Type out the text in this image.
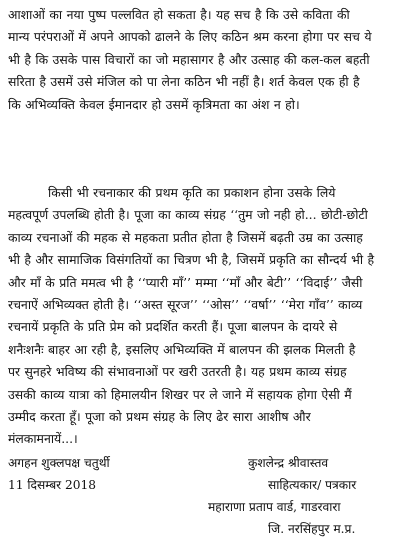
आशाओं का नया पुष्प पल्लवित हो सकता है। यह सच है कि उसे कविता की
मान्य परंपराओं में अपने आपको ढालने के लिए कठिन श्रम करना होगा पर सच ये
भी है कि उसके पास विचारों का जो महासागर है और उत्साह की कल-कल बहती
सरिता है उसमें उसे मंजिल को पा लेना कठिन भी नहीं है। शर्त केवल एक ही है
कि अभिव्यक्ति केवल ईमानदार हो उसमें कृत्रिमता का अंश न हो।
किसी भी रचनाकार की प्रथम कृति का प्रकाशन होना उसके लिये
महत्वपूर्ण उपलब्धि होती है। पूजा का काव्य संग्रह ‘‘तुम जो नही हो... छोटी-छोटी
काव्य रचनाओं की महक से महकता प्रतीत होता है जिसमें बढ़ती उम्र का उत्साह
भी है और सामाजिक विसंगतियों का चित्रण भी है, जिसमें प्रकृति का सौन्दर्य भी है
और माँ के प्रति ममत्व भी है ‘‘प्यारी माँ’’ मम्मा ‘‘माँ और बेटी’’ ‘‘विदाई’’ जैसी
रचनाऐं अभिव्यक्त होती है। ‘‘अस्त सूरज’’ ‘‘ओस’’ ‘‘वर्षा’’ ‘‘मेरा गाँव’’ काव्य
रचनायें प्रकृति के प्रति प्रेम को प्रदर्शित करती हैं। पूजा बालपन के दायरे से
शनैःशनैः बाहर आ रही है, इसलिए अभिव्यक्ति में बालपन की झलक मिलती है
पर सुनहरे भविष्य की संभावनाओं पर खरी उतरती है। यह प्रथम काव्य संग्रह
उसकी काव्य यात्रा को हिमालयीन शिखर पर ले जाने में सहायक होगा ऐसी मैं
उम्मीद करता हूँ। पूजा को प्रथम संग्रह के लिए ढेर सारा आशीष और
मंलकामनायें...।
अगहन शुक्लपक्ष चतुर्थी
11 दिसम्बर 2018
कुशलेन्द्र श्रीवास्तव
साहित्यकार/ पत्रकार
महाराणा प्रताप वार्ड, गाडरवारा
जि. नरसिंहपुर म.प्र.
